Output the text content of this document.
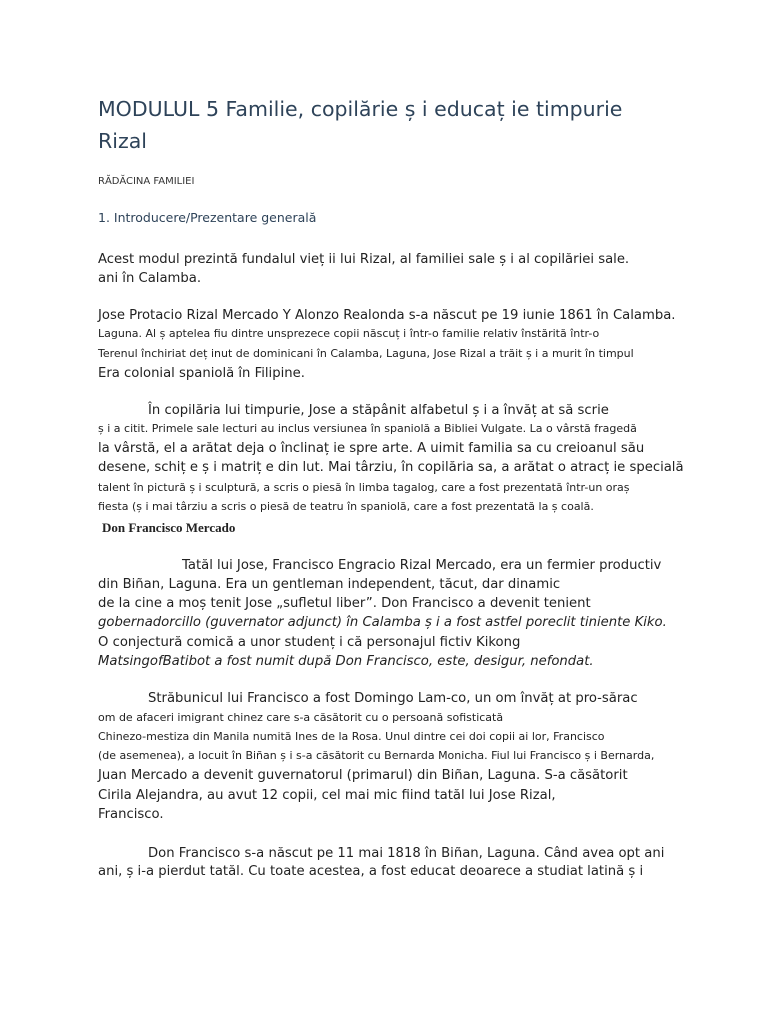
MODULUL 5 Familie, copilărie ș i educaț ie timpurie
Rizal
RĂDĂCINA FAMILIEI
1. Introducere/Prezentare generală
Acest modul prezintă fundalul vieț ii lui Rizal, al familiei sale ș i al copilăriei sale.
ani în Calamba.
Jose Protacio Rizal Mercado Y Alonzo Realonda s-a născut pe 19 iunie 1861 în Calamba.
Laguna. Al ș aptelea fiu dintre unsprezece copii născuț i într-o familie relativ înstărită într-o
Terenul închiriat deț inut de dominicani în Calamba, Laguna, Jose Rizal a trăit ș i a murit în timpul
Era colonial spaniolă în Filipine.
În copilăria lui timpurie, Jose a stăpânit alfabetul ș i a învăț at să scrie
ș i a citit. Primele sale lecturi au inclus versiunea în spaniolă a Bibliei Vulgate. La o vârstă fragedă
la vârstă, el a arătat deja o înclinaț ie spre arte. A uimit familia sa cu creioanul său
desene, schiț e ș i matriț e din lut. Mai târziu, în copilăria sa, a arătat o atracț ie specială
talent în pictură ș i sculptură, a scris o piesă în limba tagalog, care a fost prezentată într-un oraș
fiesta (ș i mai târziu a scris o piesă de teatru în spaniolă, care a fost prezentată la ș coală.
Don Francisco Mercado
Tatăl lui Jose, Francisco Engracio Rizal Mercado, era un fermier productiv
din Biñan, Laguna. Era un gentleman independent, tăcut, dar dinamic
de la cine a moș tenit Jose „sufletul liber”. Don Francisco a devenit tenient
gobernadorcillo (guvernator adjunct) în Calamba ș i a fost astfel poreclit tiniente Kiko.
O conjectură comică a unor studenț i că personajul fictiv Kikong
MatsingofBatibot a fost numit după Don Francisco, este, desigur, nefondat.
Străbunicul lui Francisco a fost Domingo Lam-co, un om învăț at pro-sărac
om de afaceri imigrant chinez care s-a căsătorit cu o persoană sofisticată
Chinezo-mestiza din Manila numită Ines de la Rosa. Unul dintre cei doi copii ai lor, Francisco
(de asemenea), a locuit în Biñan ș i s-a căsătorit cu Bernarda Monicha. Fiul lui Francisco ș i Bernarda,
Juan Mercado a devenit guvernatorul (primarul) din Biñan, Laguna. S-a căsătorit
Cirila Alejandra, au avut 12 copii, cel mai mic fiind tatăl lui Jose Rizal,
Francisco.
Don Francisco s-a născut pe 11 mai 1818 în Biñan, Laguna. Când avea opt ani
ani, ș i-a pierdut tatăl. Cu toate acestea, a fost educat deoarece a studiat latină ș i
